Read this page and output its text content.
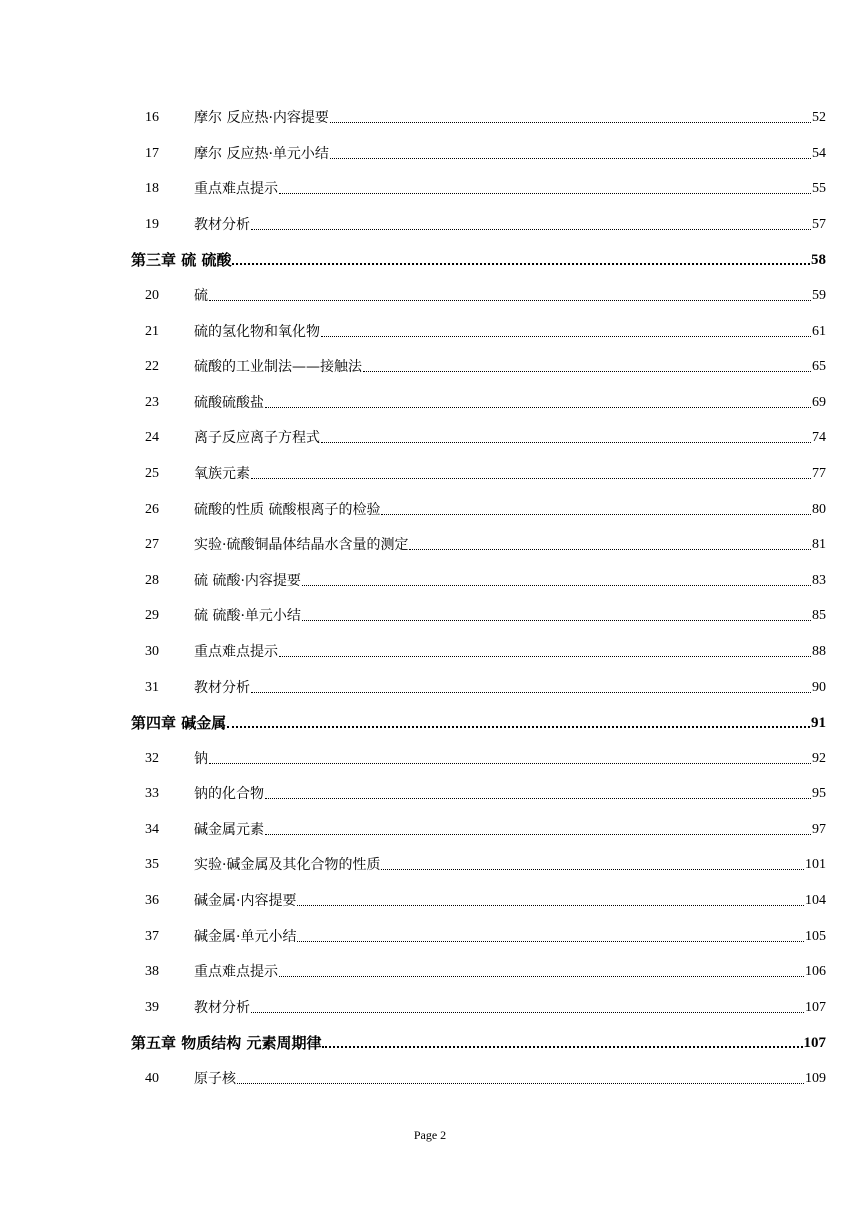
16	摩尔 反应热·内容提要	52
17	摩尔 反应热·单元小结	54
18	重点难点提示	55
19	教材分析	57
第三章 硫 硫酸	58
20	硫	59
21	硫的氢化物和氧化物	61
22	硫酸的工业制法——接触法	65
23	硫酸硫酸盐	69
24	离子反应离子方程式	74
25	氧族元素	77
26	硫酸的性质 硫酸根离子的检验	80
27	实验·硫酸铜晶体结晶水含量的测定	81
28	硫 硫酸·内容提要	83
29	硫 硫酸·单元小结	85
30	重点难点提示	88
31	教材分析	90
第四章 碱金属	91
32	钠	92
33	钠的化合物	95
34	碱金属元素	97
35	实验·碱金属及其化合物的性质	101
36	碱金属·内容提要	104
37	碱金属·单元小结	105
38	重点难点提示	106
39	教材分析	107
第五章 物质结构 元素周期律	107
40	原子核	109
Page 2
